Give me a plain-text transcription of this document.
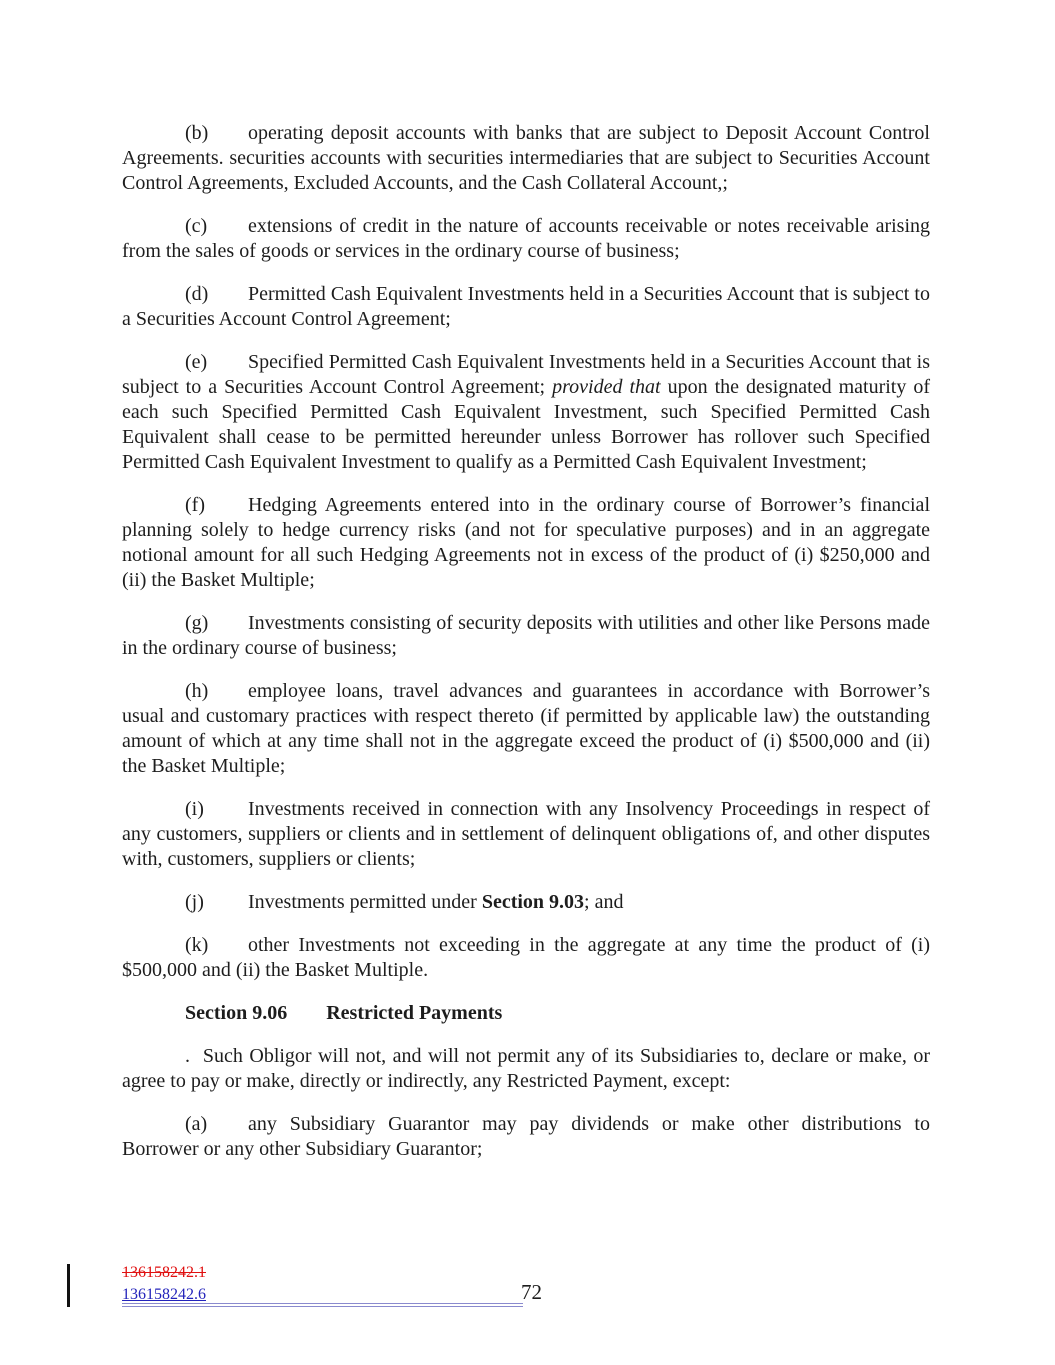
(b) operating deposit accounts with banks that are subject to Deposit Account Control Agreements. securities accounts with securities intermediaries that are subject to Securities Account Control Agreements, Excluded Accounts, and the Cash Collateral Account,;

(c) extensions of credit in the nature of accounts receivable or notes receivable arising from the sales of goods or services in the ordinary course of business;

(d) Permitted Cash Equivalent Investments held in a Securities Account that is subject to a Securities Account Control Agreement;

(e) Specified Permitted Cash Equivalent Investments held in a Securities Account that is subject to a Securities Account Control Agreement; provided that upon the designated maturity of each such Specified Permitted Cash Equivalent Investment, such Specified Permitted Cash Equivalent shall cease to be permitted hereunder unless Borrower has rollover such Specified Permitted Cash Equivalent Investment to qualify as a Permitted Cash Equivalent Investment;

(f) Hedging Agreements entered into in the ordinary course of Borrower’s financial planning solely to hedge currency risks (and not for speculative purposes) and in an aggregate notional amount for all such Hedging Agreements not in excess of the product of (i) $250,000 and (ii) the Basket Multiple;

(g) Investments consisting of security deposits with utilities and other like Persons made in the ordinary course of business;

(h) employee loans, travel advances and guarantees in accordance with Borrower’s usual and customary practices with respect thereto (if permitted by applicable law) the outstanding amount of which at any time shall not in the aggregate exceed the product of (i) $500,000 and (ii) the Basket Multiple;

(i) Investments received in connection with any Insolvency Proceedings in respect of any customers, suppliers or clients and in settlement of delinquent obligations of, and other disputes with, customers, suppliers or clients;

(j) Investments permitted under Section 9.03; and

(k) other Investments not exceeding in the aggregate at any time the product of (i) $500,000 and (ii) the Basket Multiple.

Section 9.06 Restricted Payments

.  Such Obligor will not, and will not permit any of its Subsidiaries to, declare or make, or agree to pay or make, directly or indirectly, any Restricted Payment, except:

(a) any Subsidiary Guarantor may pay dividends or make other distributions to Borrower or any other Subsidiary Guarantor;

136158242.1
136158242.6	72
